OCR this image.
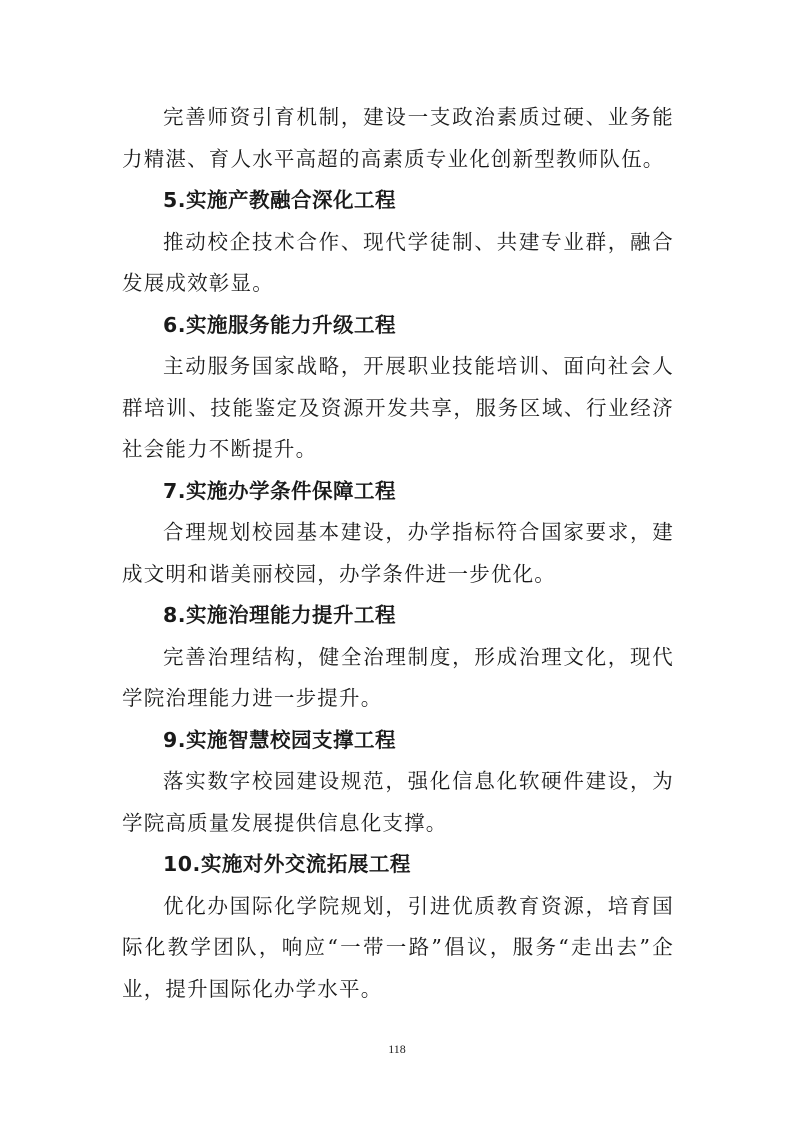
完善师资引育机制，建设一支政治素质过硬、业务能力精湛、育人水平高超的高素质专业化创新型教师队伍。

5.实施产教融合深化工程

推动校企技术合作、现代学徒制、共建专业群，融合发展成效彰显。

6.实施服务能力升级工程

主动服务国家战略，开展职业技能培训、面向社会人群培训、技能鉴定及资源开发共享，服务区域、行业经济社会能力不断提升。

7.实施办学条件保障工程

合理规划校园基本建设，办学指标符合国家要求，建成文明和谐美丽校园，办学条件进一步优化。

8.实施治理能力提升工程

完善治理结构，健全治理制度，形成治理文化，现代学院治理能力进一步提升。

9.实施智慧校园支撑工程

落实数字校园建设规范，强化信息化软硬件建设，为学院高质量发展提供信息化支撑。

10.实施对外交流拓展工程

优化办国际化学院规划，引进优质教育资源，培育国际化教学团队，响应“一带一路”倡议，服务“走出去”企业，提升国际化办学水平。

118
